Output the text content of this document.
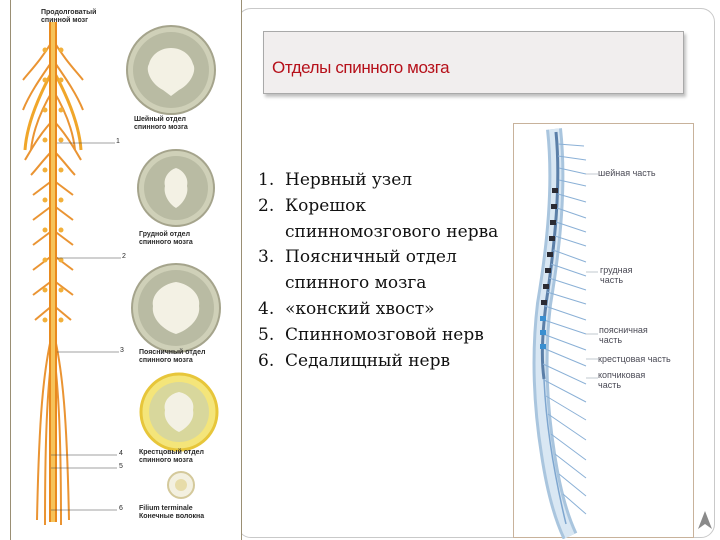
Продолговатый
спинной мозг
Шейный отдел
спинного мозга
Грудной отдел
спинного мозга
Поясничный отдел
спинного мозга
Крестцовый отдел
спинного мозга
Filium terminale
Конечные волокна
1
2
3
4
5
6
Отделы спинного мозга
1. Нервный узел
2. Корешок спинномозгового нерва
3. Поясничный отдел спинного мозга
4. «конский хвост»
5. Спинномозговой нерв
6. Седалищный нерв
шейная часть
грудная
часть
поясничная
часть
крестцовая часть
копчиковая
часть
